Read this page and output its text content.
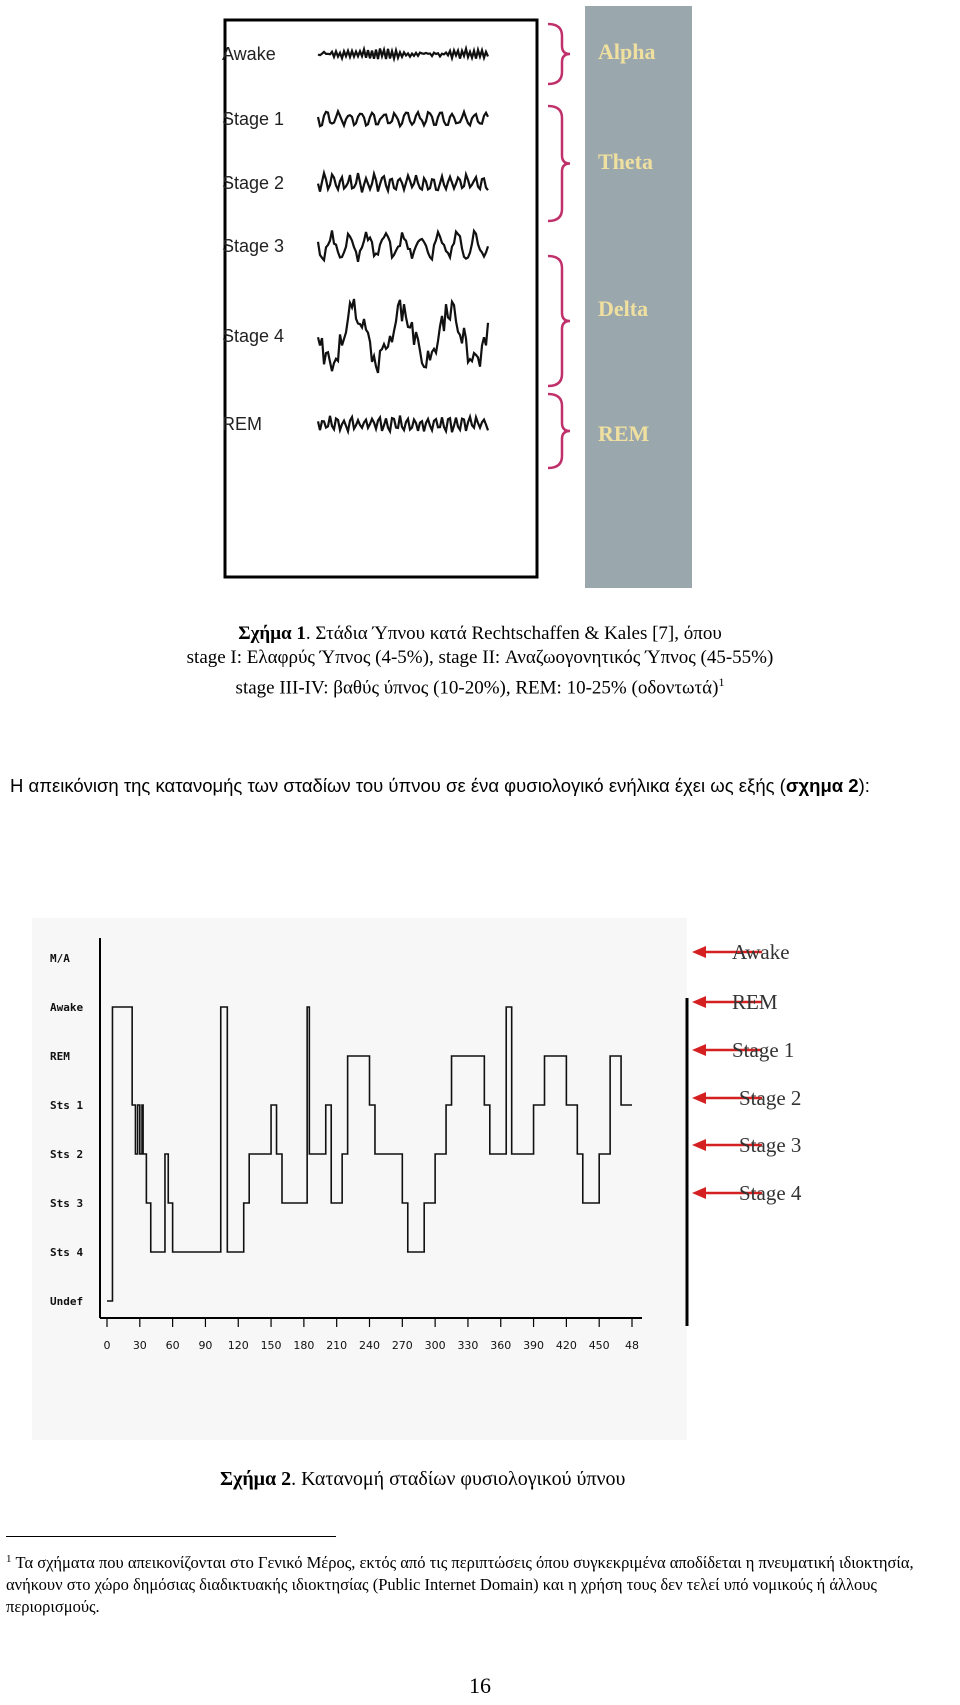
Awake
Stage 1
Stage 2
Stage 3
Stage 4
REM
Alpha
Theta
Delta
REM
Σχήμα 1. Στάδια Ύπνου κατά Rechtschaffen & Kales [7], όπου
stage I: Ελαφρύς Ύπνος (4-5%), stage II: Αναζωογονητικός Ύπνος (45-55%)
stage III-IV: βαθύς ύπνος (10-20%), REM: 10-25% $(o\delta o\nu\tau\omega\tau ά)^1$
Η απεικόνιση της κατανομής των σταδίων του ύπνου σε ένα φυσιολογικό ενήλικα έχει ως εξής (σχημα 2):
M/A
Awake
REM
Sts 1
Sts 2
Sts 3
Sts 4
Undef
0 30 60 90 120 150 180 210 240 270 300 330 360 390 420 450 48
Awake
REM
Stage 1
Stage 2
Stage 3
Stage 4
Σχήμα 2. Κατανομή σταδίων φυσιολογικού ύπνου
$^1$ Τα σχήματα που απεικονίζονται στο Γενικό Μέρος, εκτός από τις περιπτώσεις όπου συγκεκριμένα αποδίδεται η πνευματική ιδιοκτησία, ανήκουν στο χώρο δημόσιας διαδικτυακής ιδιοκτησίας (Public Internet Domain) και η χρήση τους δεν τελεί υπό νομικούς ή άλλους περιορισμούς.
16
